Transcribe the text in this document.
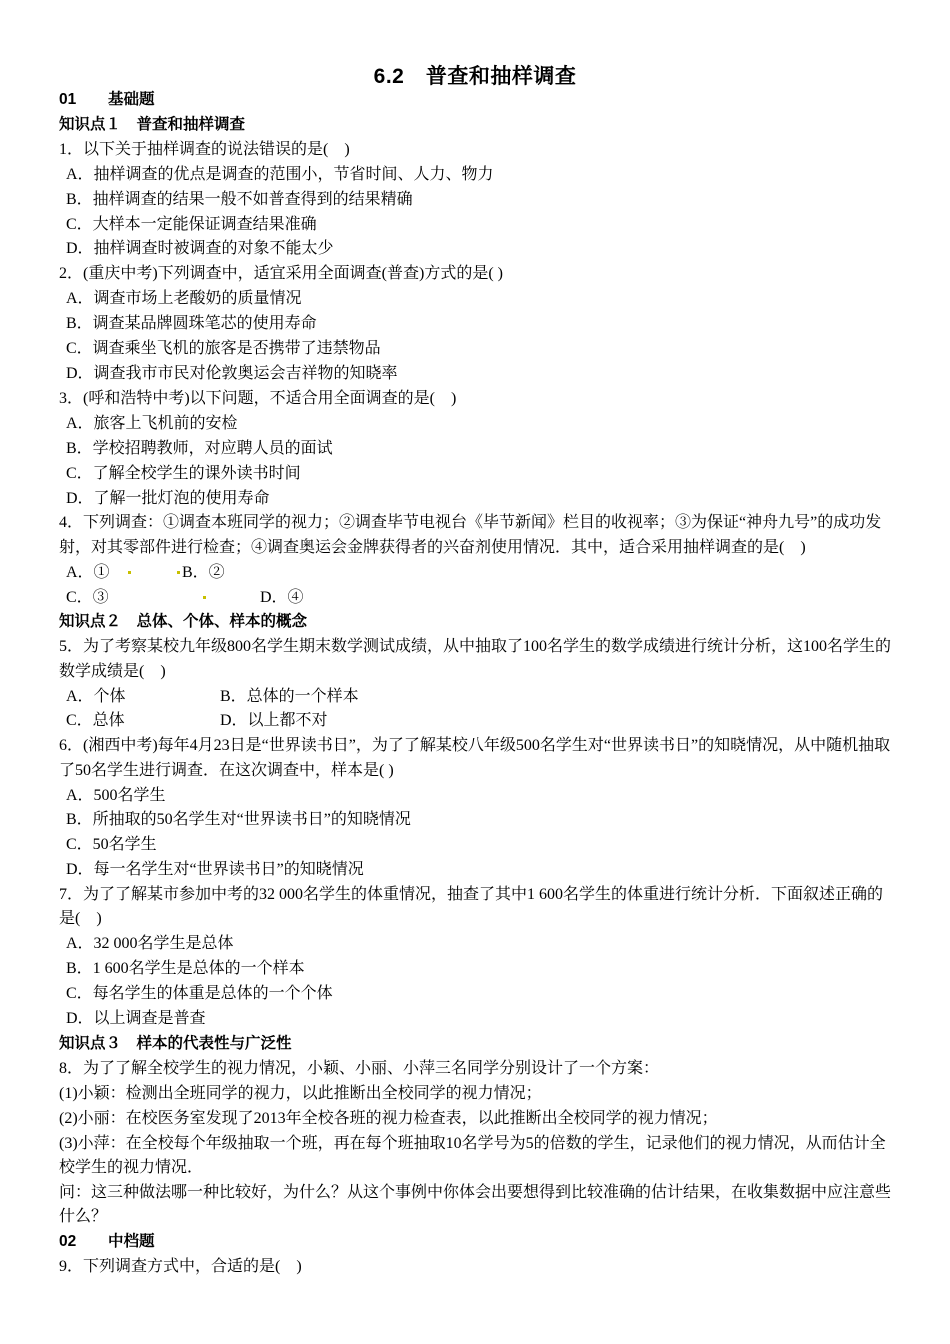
6.2　普查和抽样调查
01 基础题
知识点１　普查和抽样调查
1．以下关于抽样调查的说法错误的是(　)
A．抽样调查的优点是调查的范围小，节省时间、人力、物力
B．抽样调查的结果一般不如普查得到的结果精确
C．大样本一定能保证调查结果准确
D．抽样调查时被调查的对象不能太少
2．(重庆中考)下列调查中，适宜采用全面调查(普查)方式的是( )
A．调查市场上老酸奶的质量情况
B．调查某品牌圆珠笔芯的使用寿命
C．调查乘坐飞机的旅客是否携带了违禁物品
D．调查我市市民对伦敦奥运会吉祥物的知晓率
3．(呼和浩特中考)以下问题，不适合用全面调查的是(　)
A．旅客上飞机前的安检
B．学校招聘教师，对应聘人员的面试
C．了解全校学生的课外读书时间
D．了解一批灯泡的使用寿命
4．下列调查：①调查本班同学的视力；②调查毕节电视台《毕节新闻》栏目的收视率；③为保证“神舟九号”的成功发射，对其零部件进行检查；④调查奥运会金牌获得者的兴奋剂使用情况．其中，适合采用抽样调查的是(　)
A．①	B．②
C．③	D．④
知识点２　总体、个体、样本的概念
5．为了考察某校九年级800名学生期末数学测试成绩，从中抽取了100名学生的数学成绩进行统计分析，这100名学生的数学成绩是(　)
A．个体	B．总体的一个样本
C．总体	D．以上都不对
6．(湘西中考)每年4月23日是“世界读书日”，为了了解某校八年级500名学生对“世界读书日”的知晓情况，从中随机抽取了50名学生进行调查．在这次调查中，样本是( )
A．500名学生
B．所抽取的50名学生对“世界读书日”的知晓情况
C．50名学生
D．每一名学生对“世界读书日”的知晓情况
7．为了了解某市参加中考的32 000名学生的体重情况，抽查了其中1 600名学生的体重进行统计分析．下面叙述正确的是(　)
A．32 000名学生是总体
B．1 600名学生是总体的一个样本
C．每名学生的体重是总体的一个个体
D．以上调查是普查
知识点３　样本的代表性与广泛性
8．为了了解全校学生的视力情况，小颖、小丽、小萍三名同学分别设计了一个方案：
(1)小颖：检测出全班同学的视力，以此推断出全校同学的视力情况；
(2)小丽：在校医务室发现了2013年全校各班的视力检查表，以此推断出全校同学的视力情况；
(3)小萍：在全校每个年级抽取一个班，再在每个班抽取10名学号为5的倍数的学生，记录他们的视力情况，从而估计全校学生的视力情况．
问：这三种做法哪一种比较好，为什么？从这个事例中你体会出要想得到比较准确的估计结果，在收集数据中应注意些什么？
02 中档题
9．下列调查方式中，合适的是(　)
